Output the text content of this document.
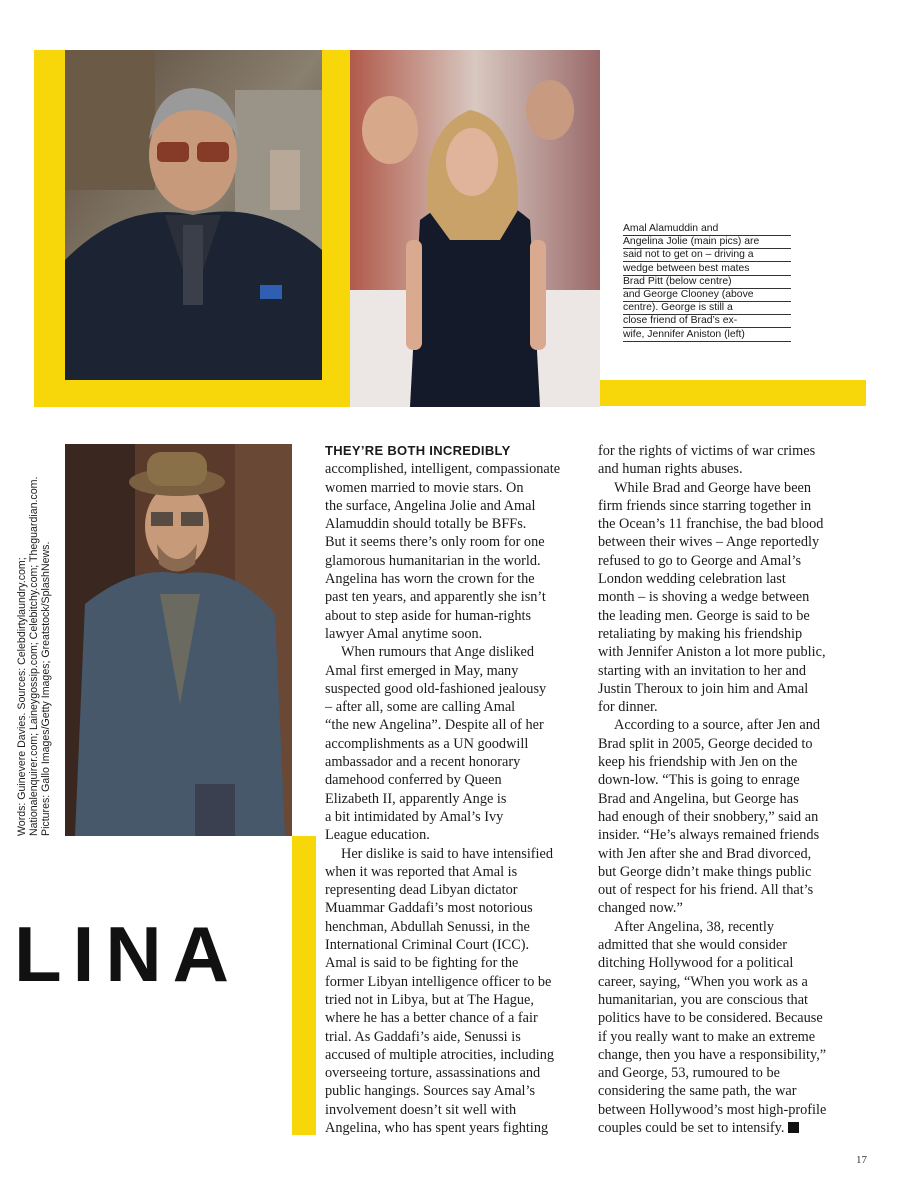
Amal Alamuddin and
Angelina Jolie (main pics) are
said not to get on – driving a
wedge between best mates
Brad Pitt (below centre)
and George Clooney (above
centre). George is still a
close friend of Brad’s ex-
wife, Jennifer Aniston (left)
Words: Guinevere Davies. Sources: Celebdirtylaundry.com; Nationalenquirer.com; Laineygossip.com; Celebitchy.com; Theguardian.com. Pictures: Gallo Images/Getty Images; Greatstock/SplashNews.
LINA
THEY’RE BOTH INCREDIBLY
accomplished, intelligent, compassionate
women married to movie stars. On
the surface, Angelina Jolie and Amal
Alamuddin should totally be BFFs.
But it seems there’s only room for one
glamorous humanitarian in the world.
Angelina has worn the crown for the
past ten years, and apparently she isn’t
about to step aside for human-rights
lawyer Amal anytime soon.
When rumours that Ange disliked
Amal first emerged in May, many
suspected good old-fashioned jealousy
– after all, some are calling Amal
“the new Angelina”. Despite all of her
accomplishments as a UN goodwill
ambassador and a recent honorary
damehood conferred by Queen
Elizabeth II, apparently Ange is
a bit intimidated by Amal’s Ivy
League education.
Her dislike is said to have intensified
when it was reported that Amal is
representing dead Libyan dictator
Muammar Gaddafi’s most notorious
henchman, Abdullah Senussi, in the
International Criminal Court (ICC).
Amal is said to be fighting for the
former Libyan intelligence officer to be
tried not in Libya, but at The Hague,
where he has a better chance of a fair
trial. As Gaddafi’s aide, Senussi is
accused of multiple atrocities, including
overseeing torture, assassinations and
public hangings. Sources say Amal’s
involvement doesn’t sit well with
Angelina, who has spent years fighting
for the rights of victims of war crimes
and human rights abuses.
While Brad and George have been
firm friends since starring together in
the Ocean’s 11 franchise, the bad blood
between their wives – Ange reportedly
refused to go to George and Amal’s
London wedding celebration last
month – is shoving a wedge between
the leading men. George is said to be
retaliating by making his friendship
with Jennifer Aniston a lot more public,
starting with an invitation to her and
Justin Theroux to join him and Amal
for dinner.
According to a source, after Jen and
Brad split in 2005, George decided to
keep his friendship with Jen on the
down-low. “This is going to enrage
Brad and Angelina, but George has
had enough of their snobbery,” said an
insider. “He’s always remained friends
with Jen after she and Brad divorced,
but George didn’t make things public
out of respect for his friend. All that’s
changed now.”
After Angelina, 38, recently
admitted that she would consider
ditching Hollywood for a political
career, saying, “When you work as a
humanitarian, you are conscious that
politics have to be considered. Because
if you really want to make an extreme
change, then you have a responsibility,”
and George, 53, rumoured to be
considering the same path, the war
between Hollywood’s most high-profile
couples could be set to intensify.
17
